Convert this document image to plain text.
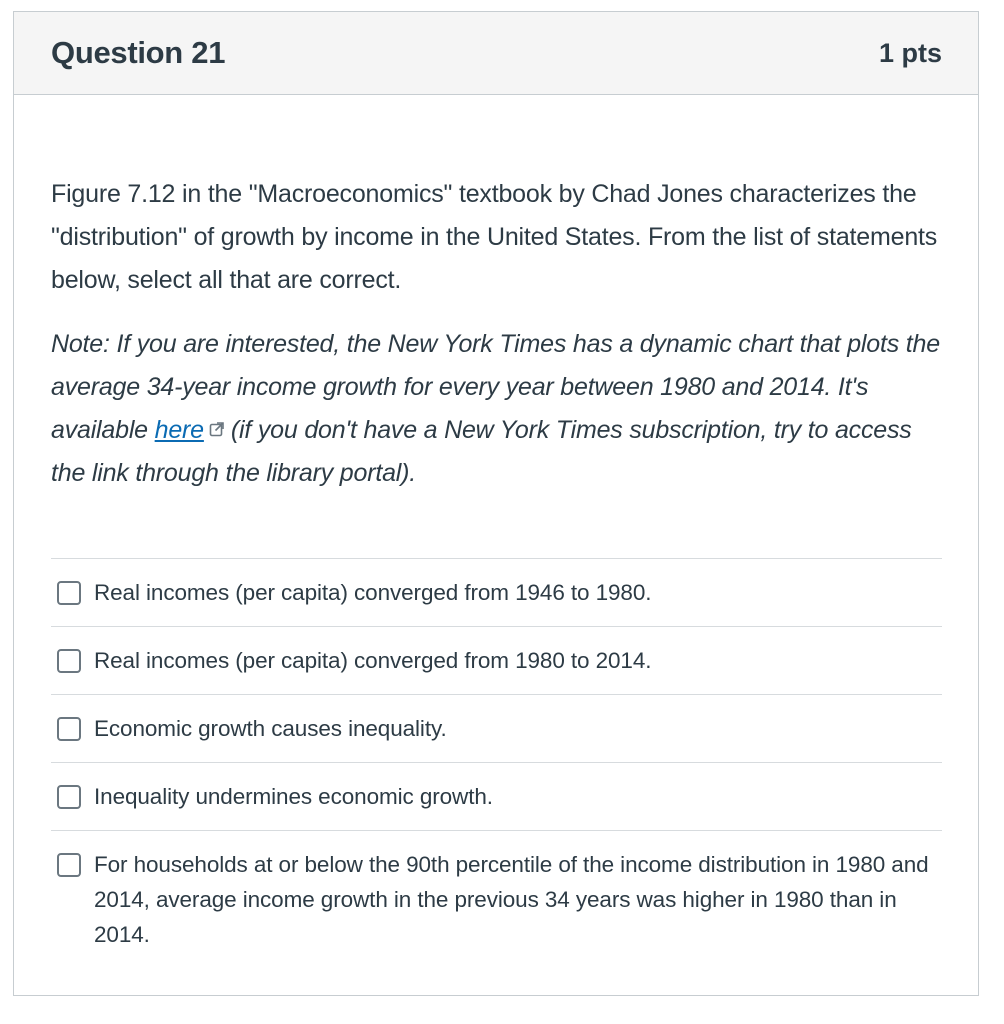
Question 21	1 pts

Figure 7.12 in the "Macroeconomics" textbook by Chad Jones characterizes the "distribution" of growth by income in the United States. From the list of statements below, select all that are correct.

Note: If you are interested, the New York Times has a dynamic chart that plots the average 34-year income growth for every year between 1980 and 2014. It's available here (if you don't have a New York Times subscription, try to access the link through the library portal).

Real incomes (per capita) converged from 1946 to 1980.
Real incomes (per capita) converged from 1980 to 2014.
Economic growth causes inequality.
Inequality undermines economic growth.
For households at or below the 90th percentile of the income distribution in 1980 and 2014, average income growth in the previous 34 years was higher in 1980 than in 2014.
